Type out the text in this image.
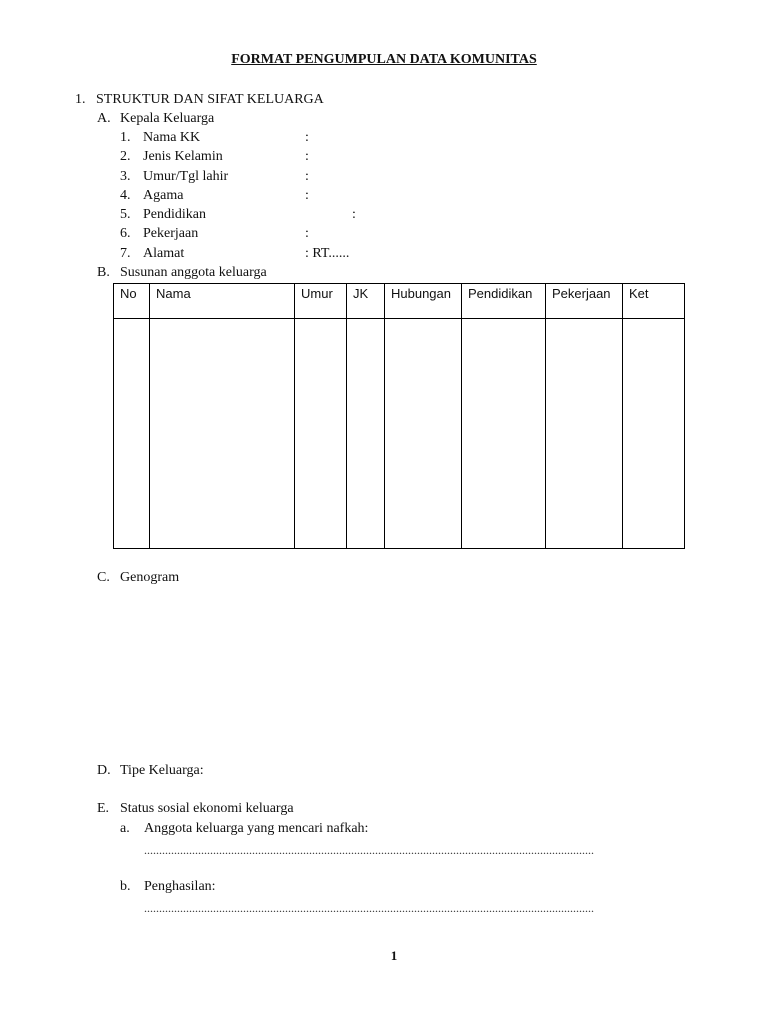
FORMAT PENGUMPULAN DATA KOMUNITAS
1. STRUKTUR DAN SIFAT KELUARGA
A. Kepala Keluarga
1. Nama KK	:
2. Jenis Kelamin	:
3. Umur/Tgl lahir	:
4. Agama	:
5. Pendidikan	:
6. Pekerjaan	:
7. Alamat	: RT......
B. Susunan anggota keluarga
No	Nama	Umur	JK	Hubungan	Pendidikan	Pekerjaan	Ket

C. Genogram
D. Tipe Keluarga:
E. Status sosial ekonomi keluarga
a. Anggota keluarga yang mencari nafkah:
......................................................................................................................................................
b. Penghasilan:
......................................................................................................................................................
1
